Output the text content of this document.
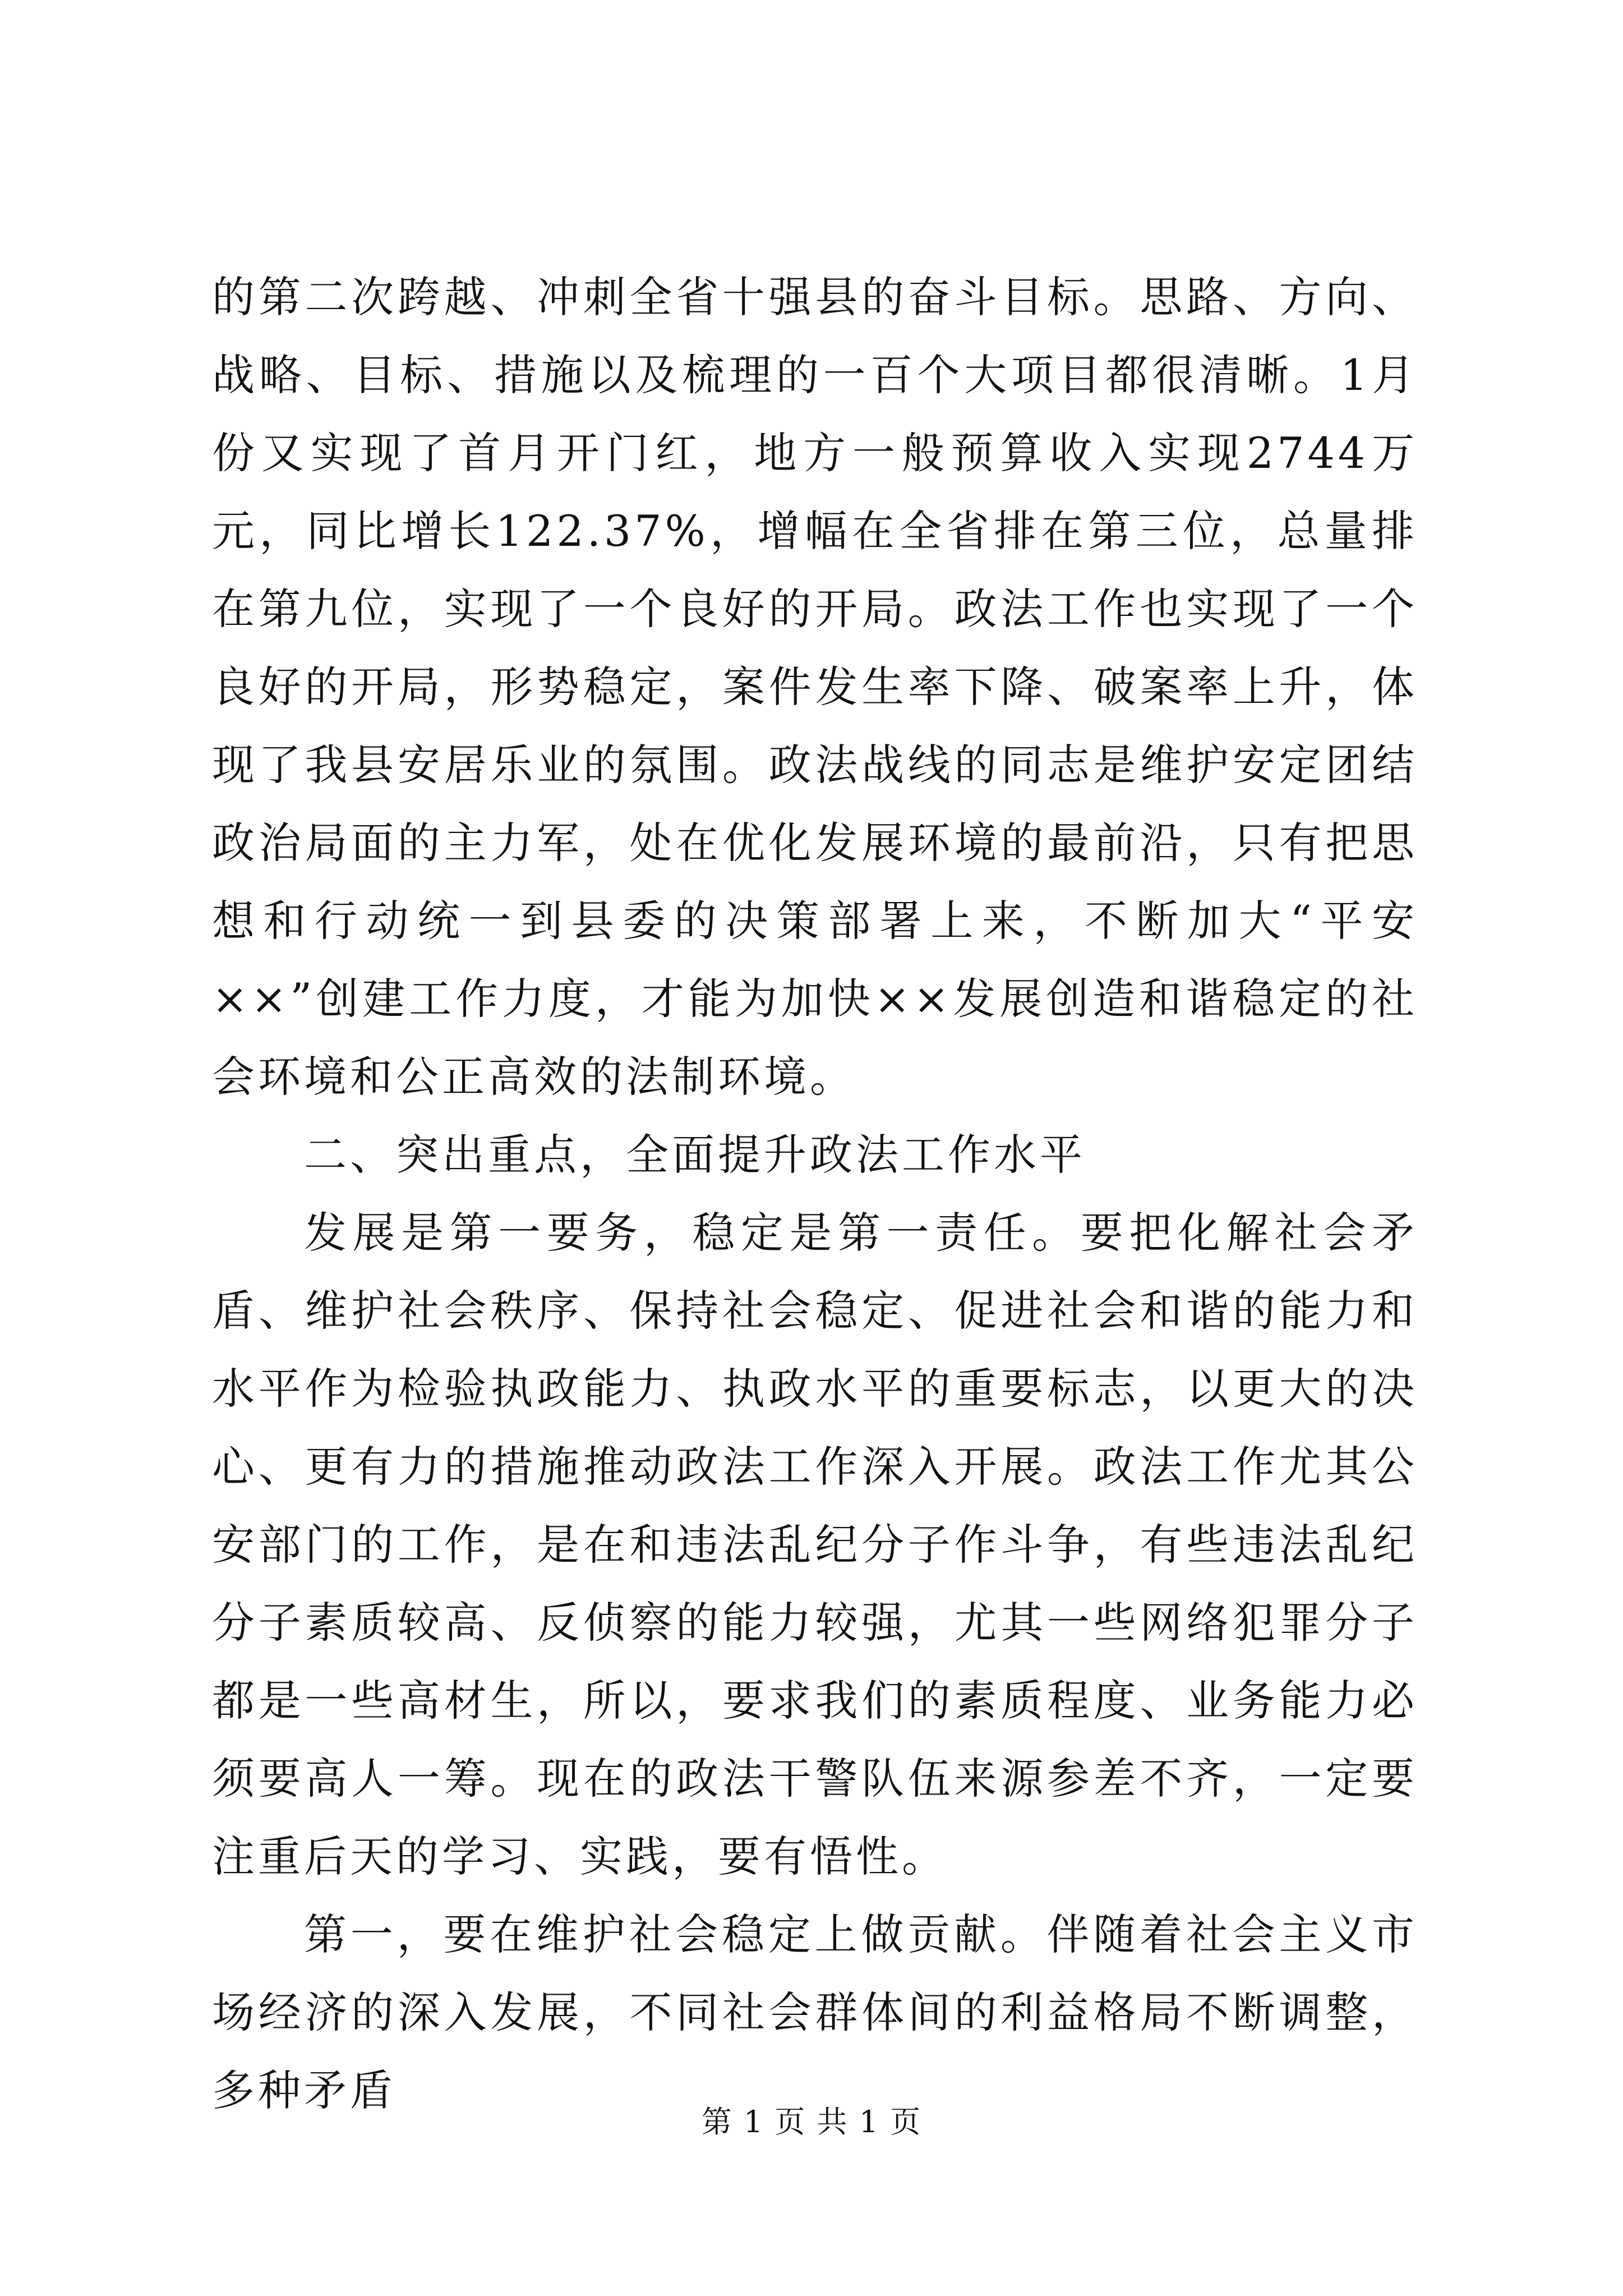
的第二次跨越、冲刺全省十强县的奋斗目标。思路、方向、战略、目标、措施以及梳理的一百个大项目都很清晰。1月份又实现了首月开门红，地方一般预算收入实现2744万元，同比增长122.37%，增幅在全省排在第三位，总量排在第九位，实现了一个良好的开局。政法工作也实现了一个良好的开局，形势稳定，案件发生率下降、破案率上升，体现了我县安居乐业的氛围。政法战线的同志是维护安定团结政治局面的主力军，处在优化发展环境的最前沿，只有把思想和行动统一到县委的决策部署上来，不断加大“平安××”创建工作力度，才能为加快××发展创造和谐稳定的社会环境和公正高效的法制环境。

二、突出重点，全面提升政法工作水平

发展是第一要务，稳定是第一责任。要把化解社会矛盾、维护社会秩序、保持社会稳定、促进社会和谐的能力和水平作为检验执政能力、执政水平的重要标志，以更大的决心、更有力的措施推动政法工作深入开展。政法工作尤其公安部门的工作，是在和违法乱纪分子作斗争，有些违法乱纪分子素质较高、反侦察的能力较强，尤其一些网络犯罪分子都是一些高材生，所以，要求我们的素质程度、业务能力必须要高人一筹。现在的政法干警队伍来源参差不齐，一定要注重后天的学习、实践，要有悟性。

第一，要在维护社会稳定上做贡献。伴随着社会主义市场经济的深入发展，不同社会群体间的利益格局不断调整，多种矛盾

第 1 页 共 1 页
